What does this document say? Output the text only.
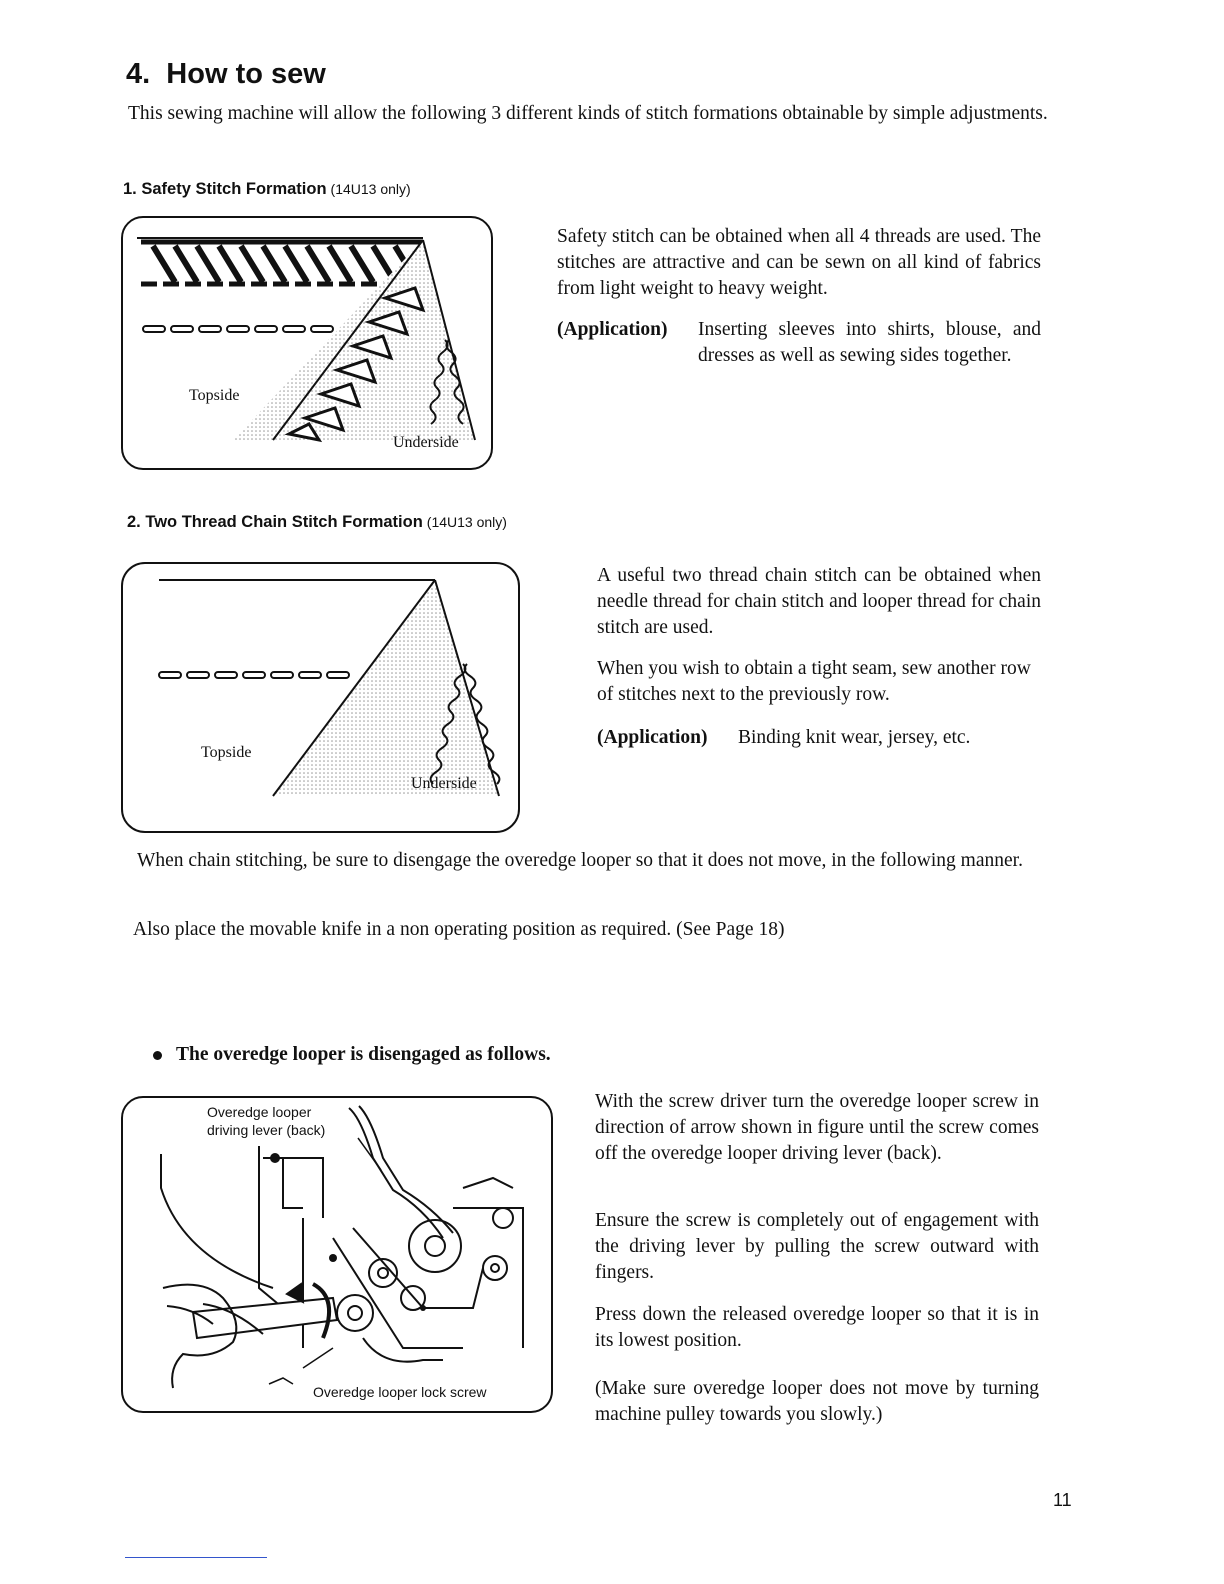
4.  How to sew
This sewing machine will allow the following 3 different kinds of stitch formations obtainable by simple adjustments.
1. Safety Stitch Formation (14U13 only)
Topside
Underside
Safety stitch can be obtained when all 4 threads are used. The stitches are attractive and can be sewn on all kind of fabrics from light weight to heavy weight.
(Application)	Inserting sleeves into shirts, blouse, and dresses as well as sewing sides together.
2. Two Thread Chain Stitch Formation (14U13 only)
Topside
Underside
A useful two thread chain stitch can be obtained when needle thread for chain stitch and looper thread for chain stitch are used.
When you wish to obtain a tight seam, sew another row of stitches next to the previously row.
(Application)	Binding knit wear, jersey, etc.
When chain stitching, be sure to disengage the overedge looper so that it does not move, in the following manner.
Also place the movable knife in a non operating position as required. (See Page 18)
The overedge looper is disengaged as follows.
Overedge looper
driving lever (back)
Overedge looper lock screw
With the screw driver turn the overedge looper screw in direction of arrow shown in figure until the screw comes off the overedge looper driving lever (back).
Ensure the screw is completely out of engagement with the driving lever by pulling the screw outward with fingers.
Press down the released overedge looper so that it is in its lowest position.
(Make sure overedge looper does not move by turning machine pulley towards you slowly.)
11
